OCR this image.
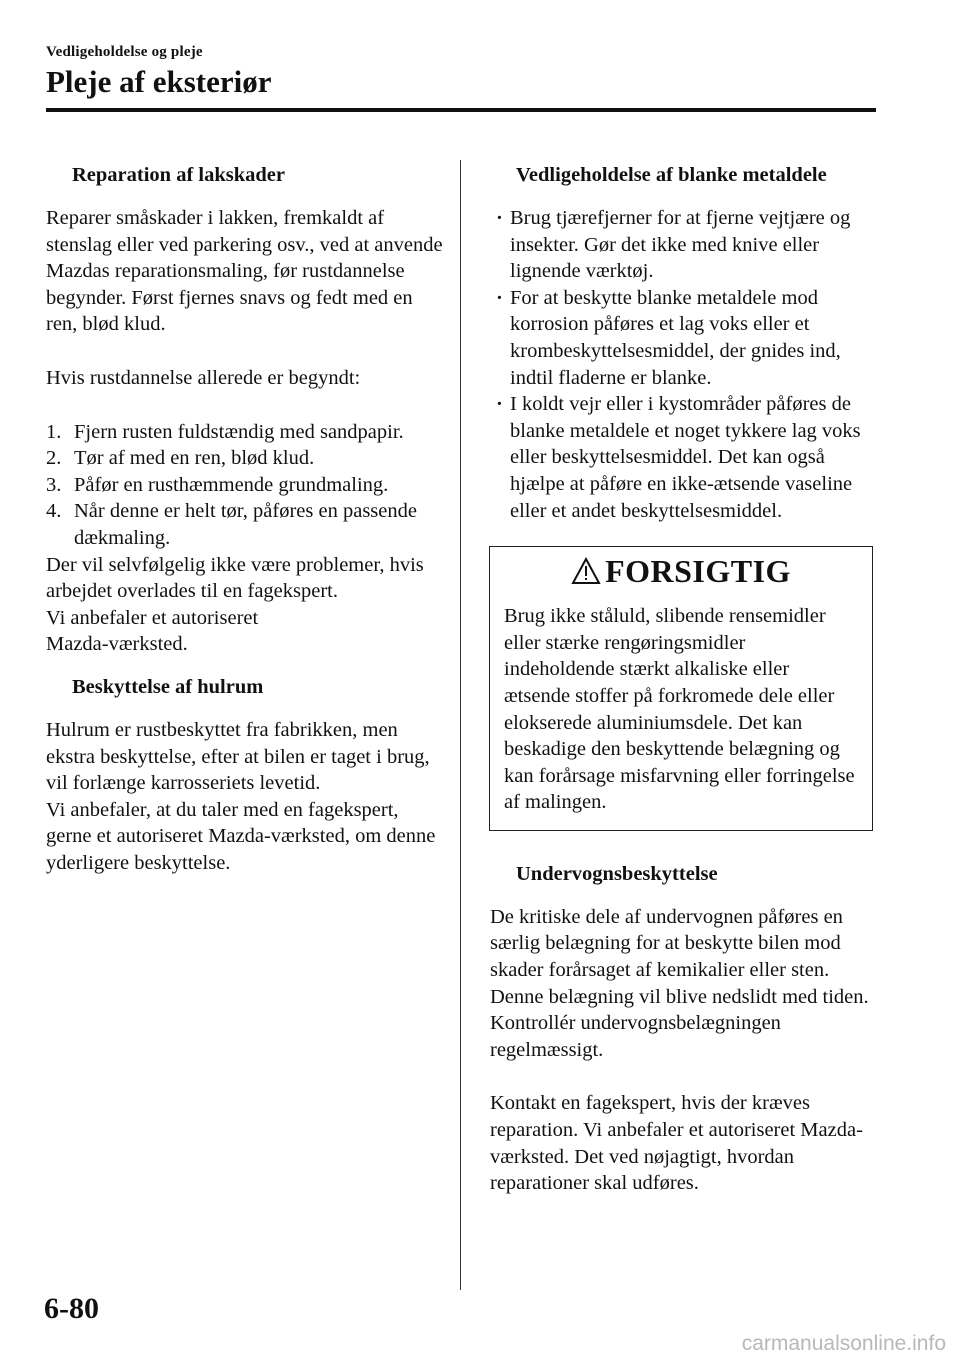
Vedligeholdelse og pleje
Pleje af eksteriør
Reparation af lakskader

Reparer småskader i lakken, fremkaldt af stenslag eller ved parkering osv., ved at anvende Mazdas reparationsmaling, før rustdannelse begynder. Først fjernes snavs og fedt med en ren, blød klud.

Hvis rustdannelse allerede er begyndt:

1. Fjern rusten fuldstændig med sandpapir.
2. Tør af med en ren, blød klud.
3. Påfør en rusthæmmende grundmaling.
4. Når denne er helt tør, påføres en passende dækmaling.

Der vil selvfølgelig ikke være problemer, hvis arbejdet overlades til en fagekspert.

Vi anbefaler et autoriseret

Mazda-værksted.

Beskyttelse af hulrum

Hulrum er rustbeskyttet fra fabrikken, men ekstra beskyttelse, efter at bilen er taget i brug, vil forlænge karrosseriets levetid.

Vi anbefaler, at du taler med en fagekspert, gerne et autoriseret Mazda-værksted, om denne yderligere beskyttelse.

Vedligeholdelse af blanke metaldele
· Brug tjærefjerner for at fjerne vejtjære og insekter. Gør det ikke med knive eller lignende værktøj.
· For at beskytte blanke metaldele mod korrosion påføres et lag voks eller et krombeskyttelsesmiddel, der gnides ind, indtil fladerne er blanke.
· I koldt vejr eller i kystområder påføres de blanke metaldele et noget tykkere lag voks eller beskyttelsesmiddel. Det kan også hjælpe at påføre en ikke-ætsende vaseline eller et andet beskyttelsesmiddel.
FORSIGTIG
Brug ikke ståluld, slibende rensemidler eller stærke rengøringsmidler indeholdende stærkt alkaliske eller ætsende stoffer på forkromede dele eller elokserede aluminiumsdele. Det kan beskadige den beskyttende belægning og kan forårsage misfarvning eller forringelse af malingen.
Undervognsbeskyttelse

De kritiske dele af undervognen påføres en særlig belægning for at beskytte bilen mod skader forårsaget af kemikalier eller sten. Denne belægning vil blive nedslidt med tiden. Kontrollér undervognsbelægningen regelmæssigt.

Kontakt en fagekspert, hvis der kræves reparation. Vi anbefaler et autoriseret Mazda-værksted. Det ved nøjagtigt, hvordan reparationer skal udføres.

6-80
carmanualsonline.info
